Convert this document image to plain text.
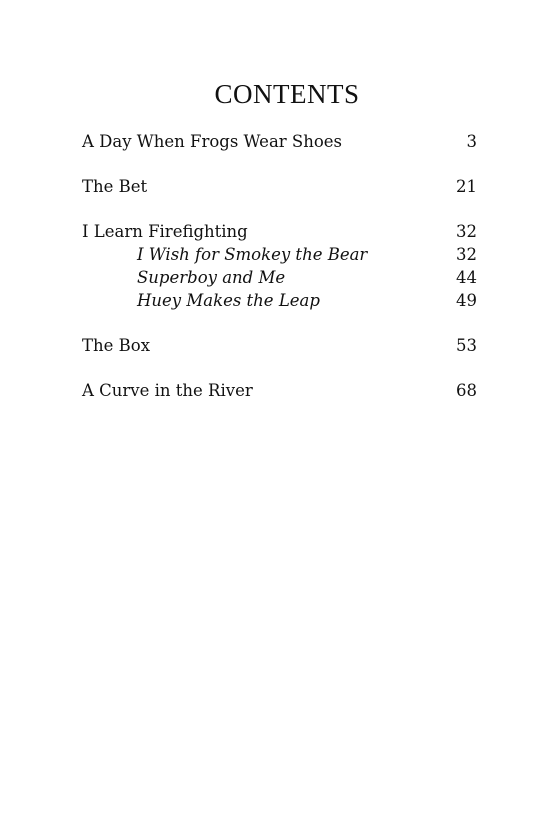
CONTENTS
A Day When Frogs Wear Shoes	3
The Bet	21
I Learn Firefighting	32
I Wish for Smokey the Bear	32
Superboy and Me	44
Huey Makes the Leap	49
The Box	53
A Curve in the River	68
